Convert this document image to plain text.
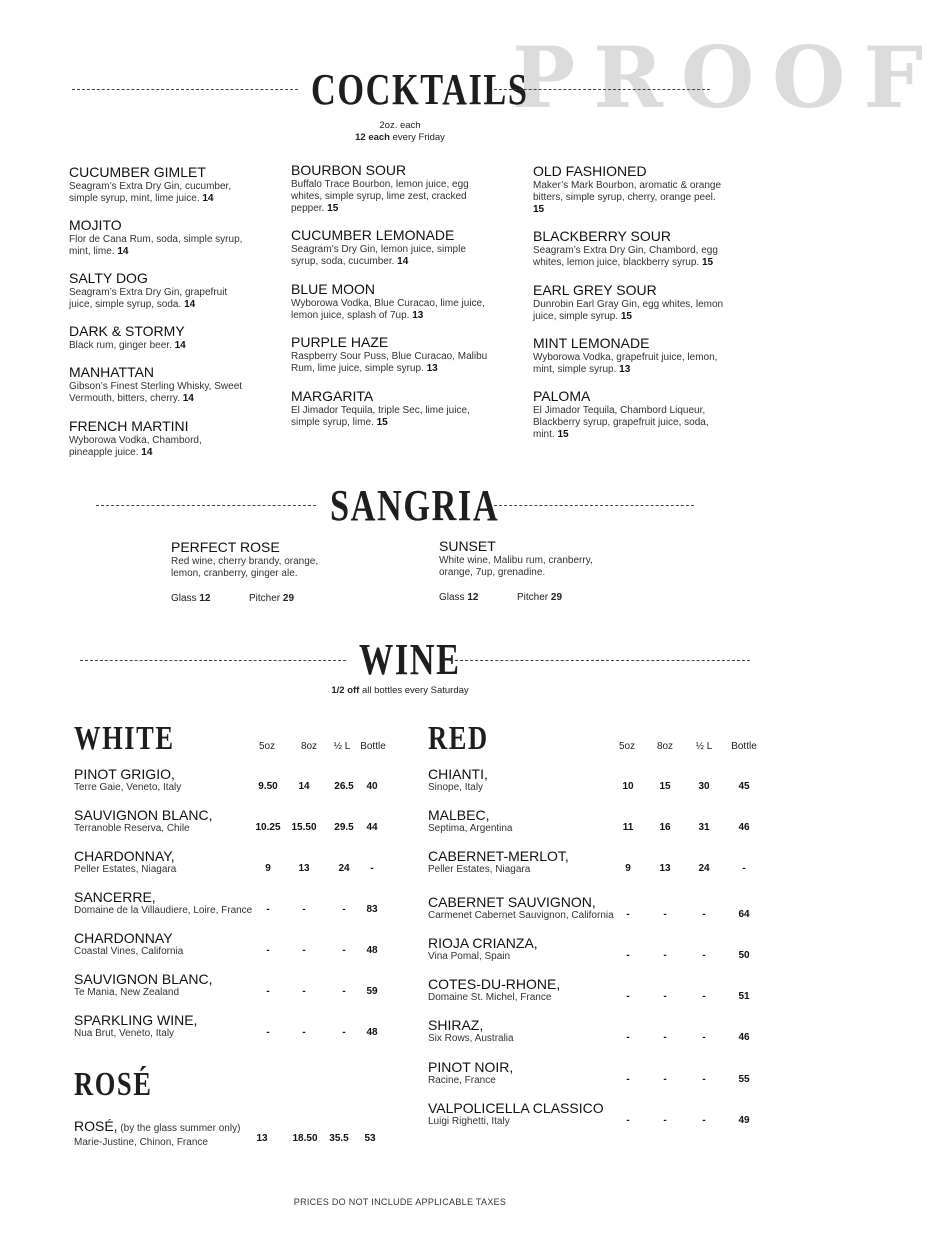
PROOF
COCKTAILS
2oz. each
12 each every Friday
CUCUMBER GIMLET
Seagram’s Extra Dry Gin, cucumber, simple syrup, mint, lime juice. 14
MOJITO
Flor de Cana Rum, soda, simple syrup, mint, lime. 14
SALTY DOG
Seagram’s Extra Dry Gin, grapefruit juice, simple syrup, soda. 14
DARK & STORMY
Black rum, ginger beer. 14
MANHATTAN
Gibson’s Finest Sterling Whisky, Sweet Vermouth, bitters, cherry. 14
FRENCH MARTINI
Wyborowa Vodka, Chambord, pineapple juice. 14
BOURBON SOUR
Buffalo Trace Bourbon, lemon juice, egg whites, simple syrup, lime zest, cracked pepper. 15
CUCUMBER LEMONADE
Seagram’s Dry Gin, lemon juice, simple syrup, soda, cucumber. 14
BLUE MOON
Wyborowa Vodka, Blue Curacao, lime juice, lemon juice, splash of 7up. 13
PURPLE HAZE
Raspberry Sour Puss, Blue Curacao, Malibu Rum, lime juice, simple syrup. 13
MARGARITA
El Jimador Tequila, triple Sec, lime juice, simple syrup, lime. 15
OLD FASHIONED
Maker’s Mark Bourbon, aromatic & orange bitters, simple syrup, cherry, orange peel. 15
BLACKBERRY SOUR
Seagram’s Extra Dry Gin, Chambord, egg whites, lemon juice, blackberry syrup. 15
EARL GREY SOUR
Dunrobin Earl Gray Gin, egg whites, lemon juice, simple syrup. 15
MINT LEMONADE
Wyborowa Vodka, grapefruit juice, lemon, mint, simple syrup. 13
PALOMA
El Jimador Tequila, Chambord Liqueur, Blackberry syrup, grapefruit juice, soda, mint. 15
SANGRIA
PERFECT ROSE
Red wine, cherry brandy, orange, lemon, cranberry, ginger ale.
Glass 12	Pitcher 29
SUNSET
White wine, Malibu rum, cranberry, orange, 7up, grenadine.
Glass 12	Pitcher 29
WINE
1/2 off all bottles every Saturday
WHITE	RED
ROSÉ
5oz	8oz	½ L Bottle	5oz	8oz	½ L	Bottle
PINOT GRIGIO,
Terre Gaie, Veneto, Italy	9.50	14	26.5	40
SAUVIGNON BLANC,
Terranoble Reserva, Chile	10.25	15.50	29.5	44
CHARDONNAY,
Peller Estates, Niagara	9	13	24	-
SANCERRE,
Domaine de la Villaudiere, Loire, France	-	-	-	83
CHARDONNAY
Coastal Vines, California	-	-	-	48
SAUVIGNON BLANC,
Te Mania, New Zealand	-	-	-	59
SPARKLING WINE,
Nua Brut, Veneto, Italy	-	-	-	48
ROSÉ, (by the glass summer only)
Marie-Justine, Chinon, France	13	18.50	35.5	53
CHIANTI,
Sinope, Italy	10	15	30	45
MALBEC,
Septima, Argentina	11	16	31	46
CABERNET-MERLOT,
Peller Estates, Niagara	9	13	24	-
CABERNET SAUVIGNON,
Carmenet Cabernet Sauvignon, California	-	-	-	64
RIOJA CRIANZA,
Vina Pomal, Spain	-	-	-	50
COTES-DU-RHONE,
Domaine St. Michel, France	-	-	-	51
SHIRAZ,
Six Rows, Australia	-	-	-	46
PINOT NOIR,
Racine, France	-	-	-	55
VALPOLICELLA CLASSICO
Luigi Righetti, Italy	-	-	-	49
PRICES DO NOT INCLUDE APPLICABLE TAXES
